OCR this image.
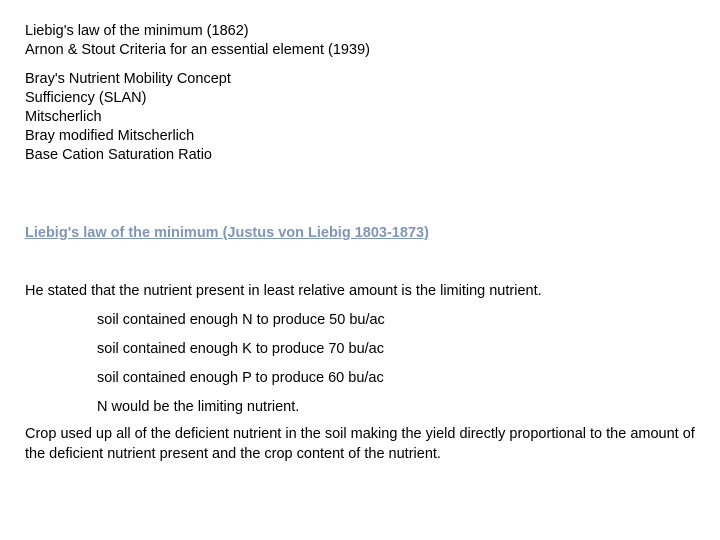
Liebig's law of the minimum (1862)
Arnon & Stout Criteria for an essential element (1939)
Bray's Nutrient Mobility Concept
Sufficiency (SLAN)
Mitscherlich
Bray modified Mitscherlich
Base Cation Saturation Ratio
Liebig's law of the minimum (Justus von Liebig 1803-1873)
He stated that the nutrient present in least relative amount is the limiting nutrient.
soil contained enough N to produce 50 bu/ac
soil contained enough K to produce 70 bu/ac
soil contained enough P to produce 60 bu/ac
N would be the limiting nutrient.
Crop used up all of the deficient nutrient in the soil making the yield directly proportional to the amount of the deficient nutrient present and the crop content of the nutrient.
